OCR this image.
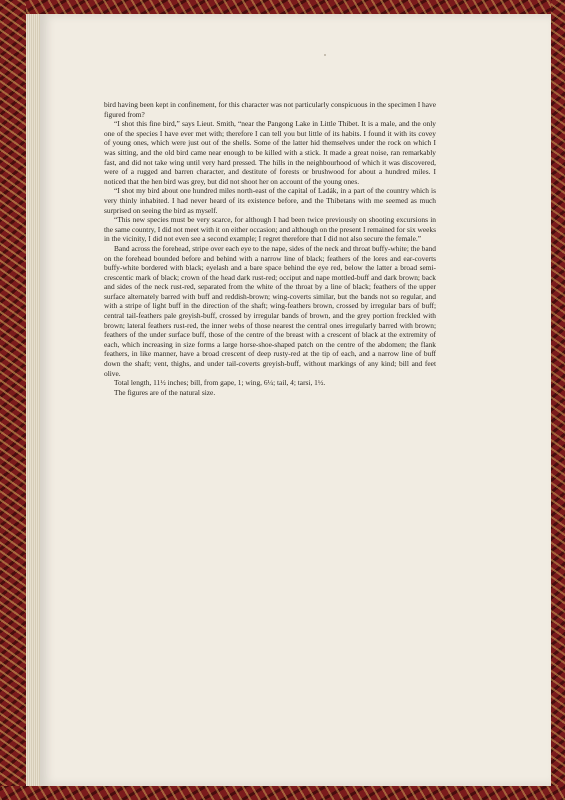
bird having been kept in confinement, for this character was not particularly conspicuous in the specimen I have figured from?

“I shot this fine bird,” says Lieut. Smith, “near the Pangong Lake in Little Thibet. It is a male, and the only one of the species I have ever met with; therefore I can tell you but little of its habits. I found it with its covey of young ones, which were just out of the shells. Some of the latter hid themselves under the rock on which I was sitting, and the old bird came near enough to be killed with a stick. It made a great noise, ran remarkably fast, and did not take wing until very hard pressed. The hills in the neighbourhood of which it was discovered, were of a rugged and barren character, and destitute of forests or brushwood for about a hundred miles. I noticed that the hen bird was grey, but did not shoot her on account of the young ones.

“I shot my bird about one hundred miles north-east of the capital of Ladák, in a part of the country which is very thinly inhabited. I had never heard of its existence before, and the Thibetans with me seemed as much surprised on seeing the bird as myself.

“This new species must be very scarce, for although I had been twice previously on shooting excursions in the same country, I did not meet with it on either occasion; and although on the present I remained for six weeks in the vicinity, I did not even see a second example; I regret therefore that I did not also secure the female.”

Band across the forehead, stripe over each eye to the nape, sides of the neck and throat buffy-white; the band on the forehead bounded before and behind with a narrow line of black; feathers of the lores and ear-coverts buffy-white bordered with black; eyelash and a bare space behind the eye red, below the latter a broad semi-crescentic mark of black; crown of the head dark rust-red; occiput and nape mottled-buff and dark brown; back and sides of the neck rust-red, separated from the white of the throat by a line of black; feathers of the upper surface alternately barred with buff and reddish-brown; wing-coverts similar, but the bands not so regular, and with a stripe of light buff in the direction of the shaft; wing-feathers brown, crossed by irregular bars of buff; central tail-feathers pale greyish-buff, crossed by irregular bands of brown, and the grey portion freckled with brown; lateral feathers rust-red, the inner webs of those nearest the central ones irregularly barred with brown; feathers of the under surface buff, those of the centre of the breast with a crescent of black at the extremity of each, which increasing in size forms a large horse-shoe-shaped patch on the centre of the abdomen; the flank feathers, in like manner, have a broad crescent of deep rusty-red at the tip of each, and a narrow line of buff down the shaft; vent, thighs, and under tail-coverts greyish-buff, without markings of any kind; bill and feet olive.

Total length, 11½ inches; bill, from gape, 1; wing, 6¼; tail, 4; tarsi, 1½.

The figures are of the natural size.
